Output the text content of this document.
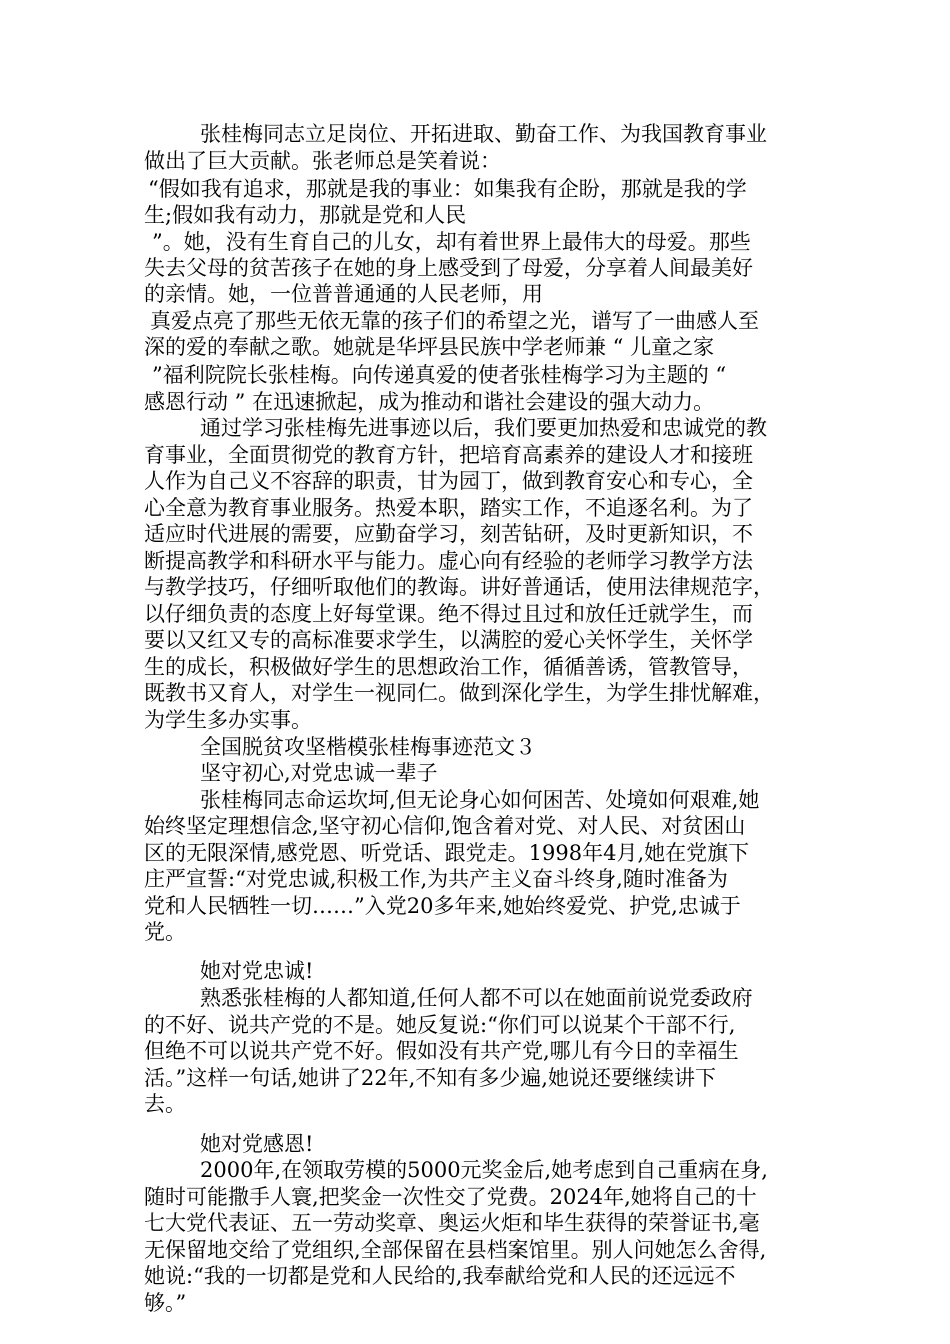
张桂梅同志立足岗位、开拓进取、勤奋工作、为我国教育事业
做出了巨大贡献。张老师总是笑着说：
“假如我有追求，那就是我的事业：如集我有企盼，那就是我的学
生;假如我有动力，那就是党和人民
”。她，没有生育自己的儿女，却有着世界上最伟大的母爱。那些
失去父母的贫苦孩子在她的身上感受到了母爱，分享着人间最美好
的亲情。她，一位普普通通的人民老师，用
真爱点亮了那些无依无靠的孩子们的希望之光，谱写了一曲感人至
深的爱的奉献之歌。她就是华坪县民族中学老师兼 “ 儿童之家
”福利院院长张桂梅。向传递真爱的使者张桂梅学习为主题的 “
感恩行动 ” 在迅速掀起，成为推动和谐社会建设的强大动力。
通过学习张桂梅先进事迹以后，我们要更加热爱和忠诚党的教
育事业，全面贯彻党的教育方针，把培育高素养的建设人才和接班
人作为自己义不容辞的职责，甘为园丁，做到教育安心和专心，全
心全意为教育事业服务。热爱本职，踏实工作，不追逐名利。为了
适应时代进展的需要，应勤奋学习，刻苦钻研，及时更新知识，不
断提高教学和科研水平与能力。虚心向有经验的老师学习教学方法
与教学技巧，仔细听取他们的教诲。讲好普通话，使用法律规范字，
以仔细负责的态度上好每堂课。绝不得过且过和放任迁就学生，而
要以又红又专的高标准要求学生，以满腔的爱心关怀学生，关怀学
生的成长，积极做好学生的思想政治工作，循循善诱，管教管导，
既教书又育人，对学生一视同仁。做到深化学生，为学生排忧解难，
为学生多办实事。
全国脱贫攻坚楷模张桂梅事迹范文３
坚守初心,对党忠诚一辈子
张桂梅同志命运坎坷,但无论身心如何困苦、处境如何艰难,她
始终坚定理想信念,坚守初心信仰,饱含着对党、对人民、对贫困山
区的无限深情,感党恩、听党话、跟党走。1998年4月,她在党旗下
庄严宣誓:“对党忠诚,积极工作,为共产主义奋斗终身,随时准备为
党和人民牺牲一切……”入党20多年来,她始终爱党、护党,忠诚于
党。
她对党忠诚!
熟悉张桂梅的人都知道,任何人都不可以在她面前说党委政府
的不好、说共产党的不是。她反复说:“你们可以说某个干部不行,
但绝不可以说共产党不好。假如没有共产党,哪儿有今日的幸福生
活。”这样一句话,她讲了22年,不知有多少遍,她说还要继续讲下
去。
她对党感恩!
2000年,在领取劳模的5000元奖金后,她考虑到自己重病在身,
随时可能撒手人寰,把奖金一次性交了党费。2024年,她将自己的十
七大党代表证、五一劳动奖章、奥运火炬和毕生获得的荣誉证书,毫
无保留地交给了党组织,全部保留在县档案馆里。别人问她怎么舍得,
她说:“我的一切都是党和人民给的,我奉献给党和人民的还远远不
够。”
